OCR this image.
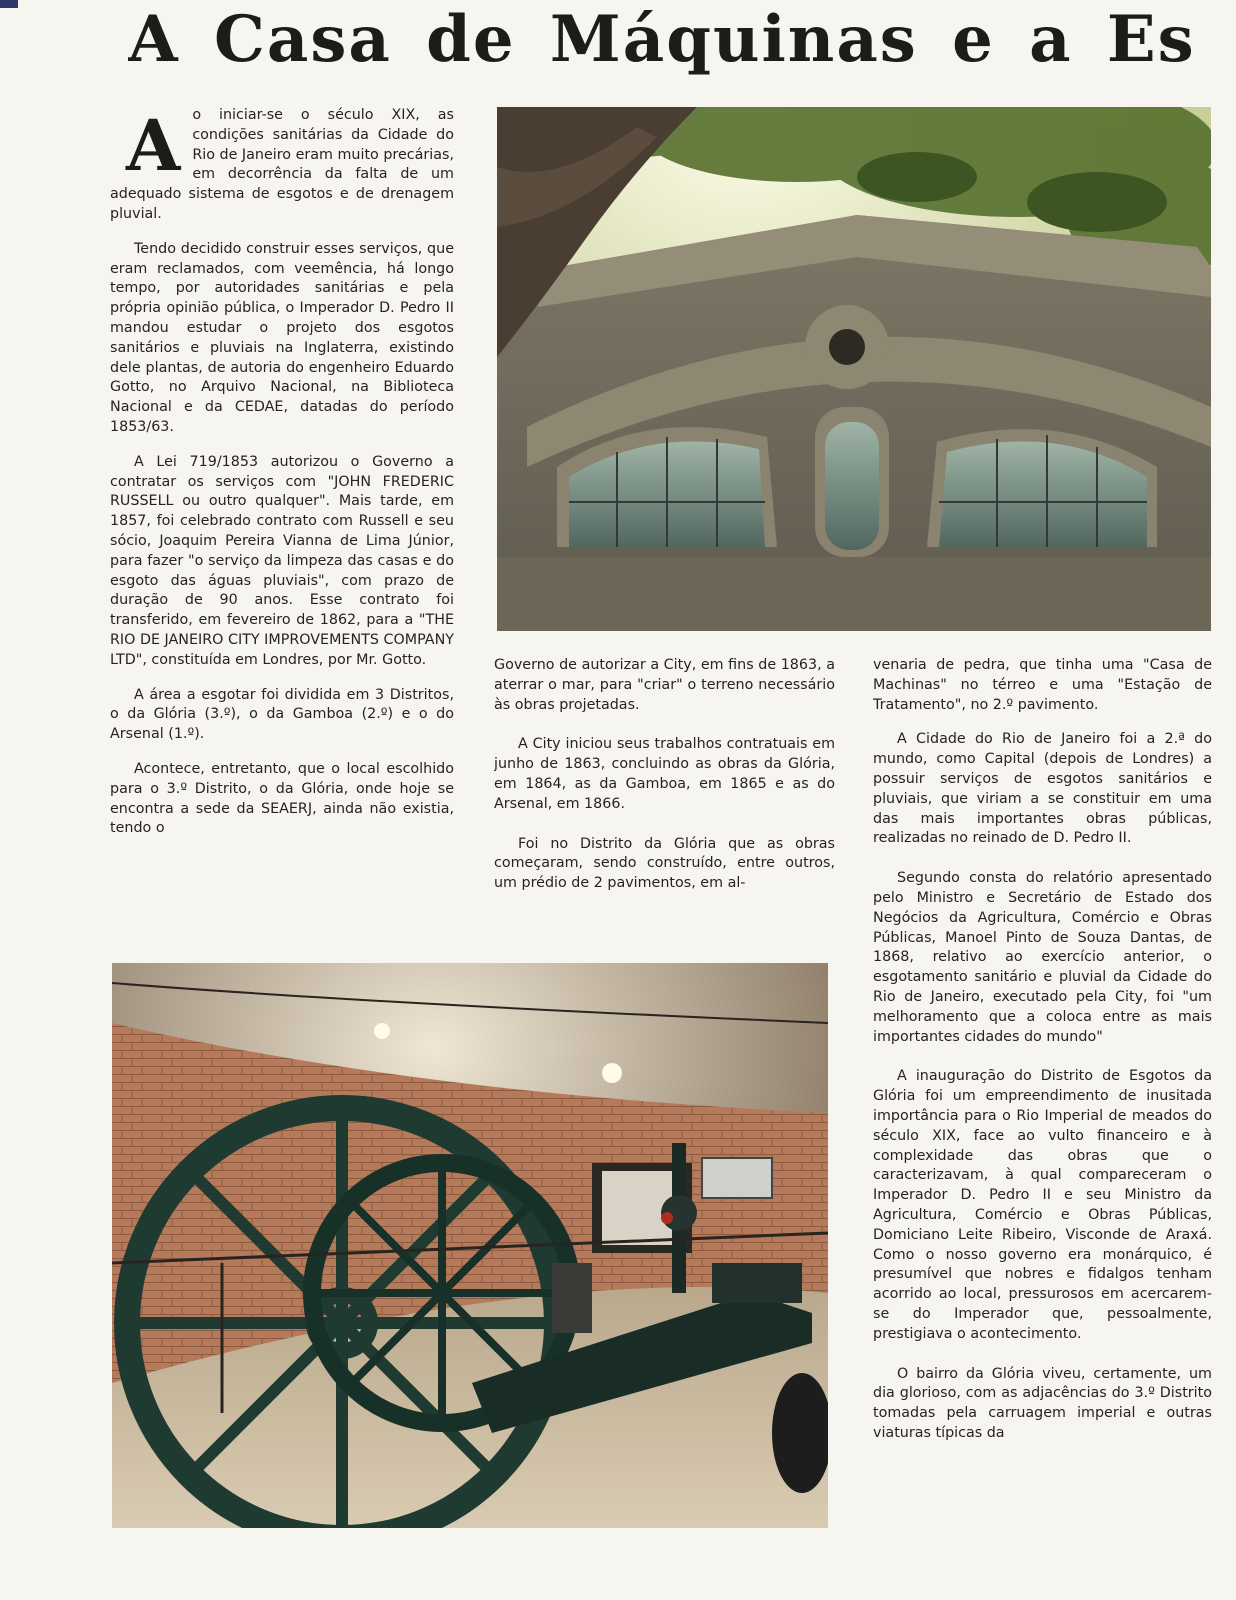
A Casa de Máquinas e a Es

Ao iniciar-se o século XIX, as condições sanitárias da Cidade do Rio de Janeiro eram muito precárias, em decorrência da falta de um adequado sistema de esgotos e de drenagem pluvial.

Tendo decidido construir esses serviços, que eram reclamados, com veemência, há longo tempo, por autoridades sanitárias e pela própria opinião pública, o Imperador D. Pedro II mandou estudar o projeto dos esgotos sanitários e pluviais na Inglaterra, existindo dele plantas, de autoria do engenheiro Eduardo Gotto, no Arquivo Nacional, na Biblioteca Nacional e da CEDAE, datadas do período 1853/63.

A Lei 719/1853 autorizou o Governo a contratar os serviços com "JOHN FREDERIC RUSSELL ou outro qualquer". Mais tarde, em 1857, foi celebrado contrato com Russell e seu sócio, Joaquim Pereira Vianna de Lima Júnior, para fazer "o serviço da limpeza das casas e do esgoto das águas pluviais", com prazo de duração de 90 anos. Esse contrato foi transferido, em fevereiro de 1862, para a "THE RIO DE JANEIRO CITY IMPROVEMENTS COMPANY LTD", constituída em Londres, por Mr. Gotto.

A área a esgotar foi dividida em 3 Distritos, o da Glória (3.º), o da Gamboa (2.º) e o do Arsenal (1.º).

Acontece, entretanto, que o local escolhido para o 3.º Distrito, o da Glória, onde hoje se encontra a sede da SEAERJ, ainda não existia, tendo o

Governo de autorizar a City, em fins de 1863, a aterrar o mar, para "criar" o terreno necessário às obras projetadas.

A City iniciou seus trabalhos contratuais em junho de 1863, concluindo as obras da Glória, em 1864, as da Gamboa, em 1865 e as do Arsenal, em 1866.

Foi no Distrito da Glória que as obras começaram, sendo construído, entre outros, um prédio de 2 pavimentos, em al-

venaria de pedra, que tinha uma "Casa de Machinas" no térreo e uma "Estação de Tratamento", no 2.º pavimento.

A Cidade do Rio de Janeiro foi a 2.ª do mundo, como Capital (depois de Londres) a possuir serviços de esgotos sanitários e pluviais, que viriam a se constituir em uma das mais importantes obras públicas, realizadas no reinado de D. Pedro II.

Segundo consta do relatório apresentado pelo Ministro e Secretário de Estado dos Negócios da Agricultura, Comércio e Obras Públicas, Manoel Pinto de Souza Dantas, de 1868, relativo ao exercício anterior, o esgotamento sanitário e pluvial da Cidade do Rio de Janeiro, executado pela City, foi "um melhoramento que a coloca entre as mais importantes cidades do mundo"

A inauguração do Distrito de Esgotos da Glória foi um empreendimento de inusitada importância para o Rio Imperial de meados do século XIX, face ao vulto financeiro e à complexidade das obras que o caracterizavam, à qual compareceram o Imperador D. Pedro II e seu Ministro da Agricultura, Comércio e Obras Públicas, Domiciano Leite Ribeiro, Visconde de Araxá. Como o nosso governo era monárquico, é presumível que nobres e fidalgos tenham acorrido ao local, pressurosos em acercarem-se do Imperador que, pessoalmente, prestigiava o acontecimento.

O bairro da Glória viveu, certamente, um dia glorioso, com as adjacências do 3.º Distrito tomadas pela carruagem imperial e outras viaturas típicas da
